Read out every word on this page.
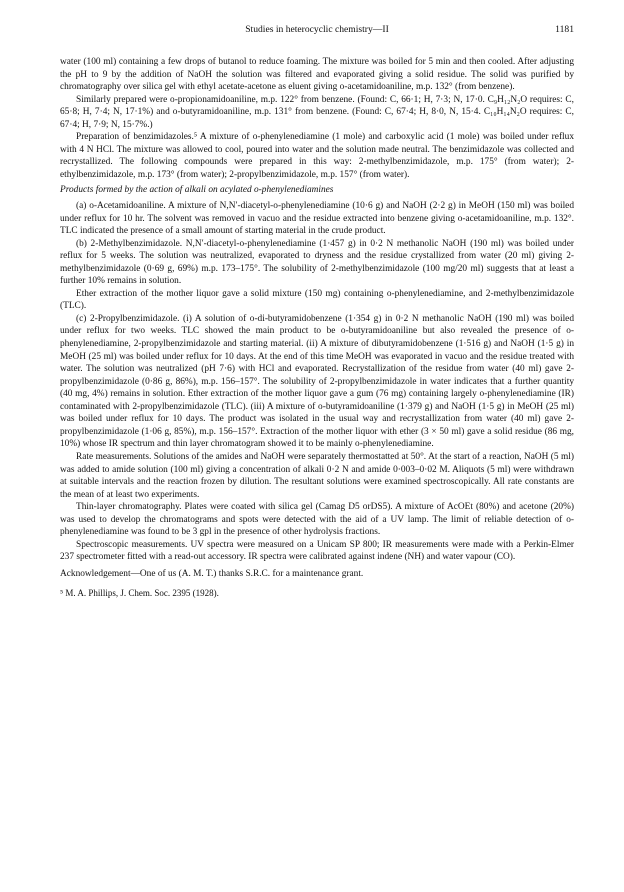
Studies in heterocyclic chemistry—II	1181

water (100 ml) containing a few drops of butanol to reduce foaming. The mixture was boiled for 5 min and then cooled. After adjusting the pH to 9 by the addition of NaOH the solution was filtered and evaporated giving a solid residue. The solid was purified by chromatography over silica gel with ethyl acetate-acetone as eluent giving o-acetamidoaniline, m.p. 132° (from benzene).

Similarly prepared were o-propionamidoaniline, m.p. 122° from benzene. (Found: C, 66·1; H, 7·3; N, 17·0. C₉H₁₂N₂O requires: C, 65·8; H, 7·4; N, 17·1%) and o-butyramidoaniline, m.p. 131° from benzene. (Found: C, 67·4; H, 8·0, N, 15·4. C₁₀H₁₄N₂O requires: C, 67·4; H, 7·9; N, 15·7%.)

Preparation of benzimidazoles.⁵ A mixture of o-phenylenediamine (1 mole) and carboxylic acid (1 mole) was boiled under reflux with 4 N HCl. The mixture was allowed to cool, poured into water and the solution made neutral. The benzimidazole was collected and recrystallized. The following compounds were prepared in this way: 2-methylbenzimidazole, m.p. 175° (from water); 2-ethylbenzimidazole, m.p. 173° (from water); 2-propylbenzimidazole, m.p. 157° (from water).

Products formed by the action of alkali on acylated o-phenylenediamines

(a) o-Acetamidoaniline. A mixture of N,N′-diacetyl-o-phenylenediamine (10·6 g) and NaOH (2·2 g) in MeOH (150 ml) was boiled under reflux for 10 hr. The solvent was removed in vacuo and the residue extracted into benzene giving o-acetamidoaniline, m.p. 132°. TLC indicated the presence of a small amount of starting material in the crude product.

(b) 2-Methylbenzimidazole. N,N′-diacetyl-o-phenylenediamine (1·457 g) in 0·2 N methanolic NaOH (190 ml) was boiled under reflux for 5 weeks. The solution was neutralized, evaporated to dryness and the residue crystallized from water (20 ml) giving 2-methylbenzimidazole (0·69 g, 69%) m.p. 173–175°. The solubility of 2-methylbenzimidazole (100 mg/20 ml) suggests that at least a further 10% remains in solution.

Ether extraction of the mother liquor gave a solid mixture (150 mg) containing o-phenylenediamine, and 2-methylbenzimidazole (TLC).

(c) 2-Propylbenzimidazole. (i) A solution of o-di-butyramidobenzene (1·354 g) in 0·2 N methanolic NaOH (190 ml) was boiled under reflux for two weeks. TLC showed the main product to be o-butyramidoaniline but also revealed the presence of o-phenylenediamine, 2-propylbenzimidazole and starting material. (ii) A mixture of dibutyramidobenzene (1·516 g) and NaOH (1·5 g) in MeOH (25 ml) was boiled under reflux for 10 days. At the end of this time MeOH was evaporated in vacuo and the residue treated with water. The solution was neutralized (pH 7·6) with HCl and evaporated. Recrystallization of the residue from water (40 ml) gave 2-propylbenzimidazole (0·86 g, 86%), m.p. 156–157°. The solubility of 2-propylbenzimidazole in water indicates that a further quantity (40 mg, 4%) remains in solution. Ether extraction of the mother liquor gave a gum (76 mg) containing largely o-phenylenediamine (IR) contaminated with 2-propylbenzimidazole (TLC). (iii) A mixture of o-butyramidoaniline (1·379 g) and NaOH (1·5 g) in MeOH (25 ml) was boiled under reflux for 10 days. The product was isolated in the usual way and recrystallization from water (40 ml) gave 2-propylbenzimidazole (1·06 g, 85%), m.p. 156–157°. Extraction of the mother liquor with ether (3 × 50 ml) gave a solid residue (86 mg, 10%) whose IR spectrum and thin layer chromatogram showed it to be mainly o-phenylenediamine.

Rate measurements. Solutions of the amides and NaOH were separately thermostatted at 50°. At the start of a reaction, NaOH (5 ml) was added to amide solution (100 ml) giving a concentration of alkali 0·2 N and amide 0·003–0·02 M. Aliquots (5 ml) were withdrawn at suitable intervals and the reaction frozen by dilution. The resultant solutions were examined spectroscopically. All rate constants are the mean of at least two experiments.

Thin-layer chromatography. Plates were coated with silica gel (Camag D5 orDS5). A mixture of AcOEt (80%) and acetone (20%) was used to develop the chromatograms and spots were detected with the aid of a UV lamp. The limit of reliable detection of o-phenylenediamine was found to be 3 gpl in the presence of other hydrolysis fractions.

Spectroscopic measurements. UV spectra were measured on a Unicam SP 800; IR measurements were made with a Perkin-Elmer 237 spectrometer fitted with a read-out accessory. IR spectra were calibrated against indene (NH) and water vapour (CO).

Acknowledgement—One of us (A. M. T.) thanks S.R.C. for a maintenance grant.

⁵ M. A. Phillips, J. Chem. Soc. 2395 (1928).
